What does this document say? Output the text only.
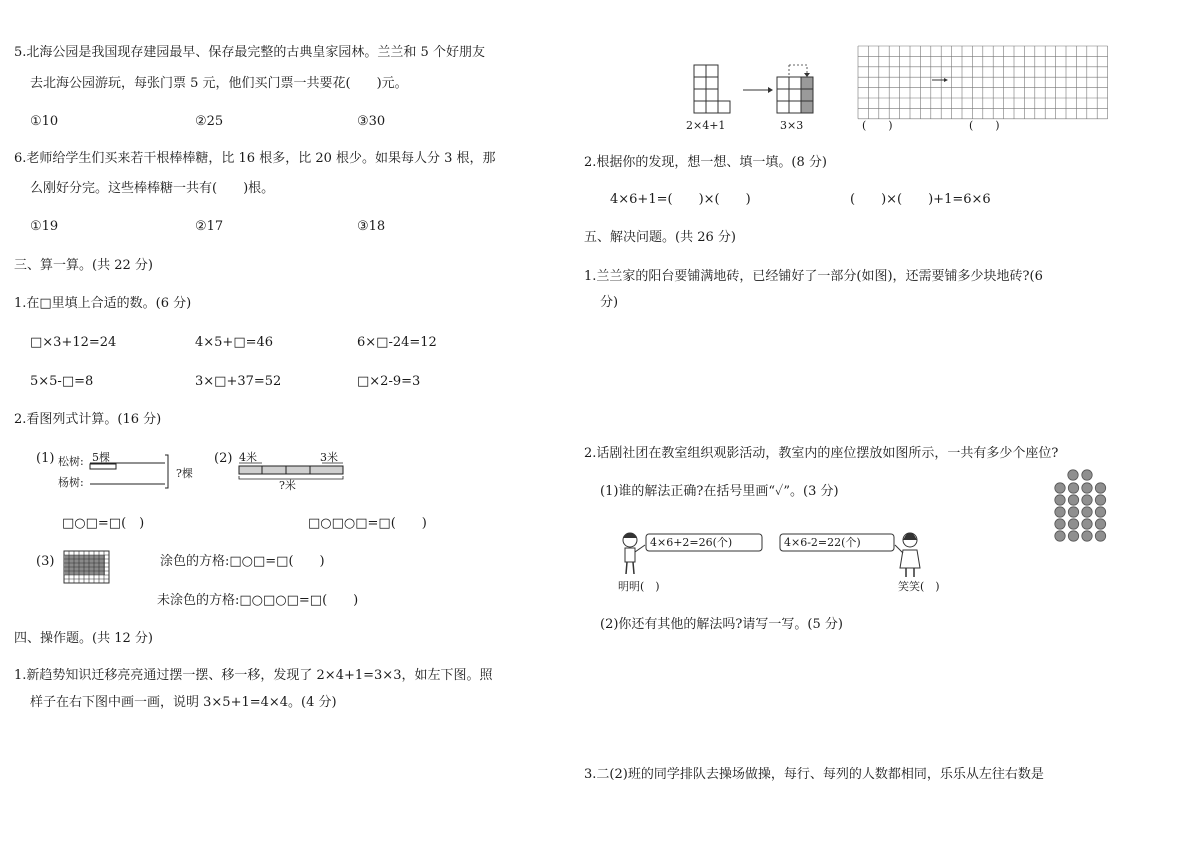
5.北海公园是我国现存建园最早、保存最完整的古典皇家园林。兰兰和 5 个好朋友
去北海公园游玩，每张门票 5 元，他们买门票一共要花(　　)元。
①10	②25	③30
6.老师给学生们买来若干根棒棒糖，比 16 根多，比 20 根少。如果每人分 3 根，那
么刚好分完。这些棒棒糖一共有(　　)根。
①19	②17	③18
三、算一算。(共 22 分)
1.在□里填上合适的数。(6 分)
□×3+12=24	4×5+□=46	6×□-24=12
5×5-□=8	3×□+37=52	□×2-9=3
2.看图列式计算。(16 分)
(1) 松树: 5棵
杨树:
?棵
(2) 4米	3米
?米
□○□=□(　)	□○□○□=□(　　)
(3)	涂色的方格:□○□=□(　　)
未涂色的方格:□○□○□=□(　　)
四、操作题。(共 12 分)
1.新趋势知识迁移亮亮通过摆一摆、移一移，发现了 2×4+1=3×3，如左下图。照
样子在右下图中画一画，说明 3×5+1=4×4。(4 分)
2×4+1	3×3	(　　)	(　　)
2.根据你的发现，想一想、填一填。(8 分)
4×6+1=(　　)×(　　)	(　　)×(　　)+1=6×6
五、解决问题。(共 26 分)
1.兰兰家的阳台要铺满地砖，已经铺好了一部分(如图)，还需要铺多少块地砖?(6
分)
2.话剧社团在教室组织观影活动，教室内的座位摆放如图所示，一共有多少个座位?
(1)谁的解法正确?在括号里画“✓”。(3 分)
4×6+2=26(个)	4×6-2=22(个)
明明(　)	笑笑(　)
(2)你还有其他的解法吗?请写一写。(5 分)
3.二(2)班的同学排队去操场做操，每行、每列的人数都相同，乐乐从左往右数是
